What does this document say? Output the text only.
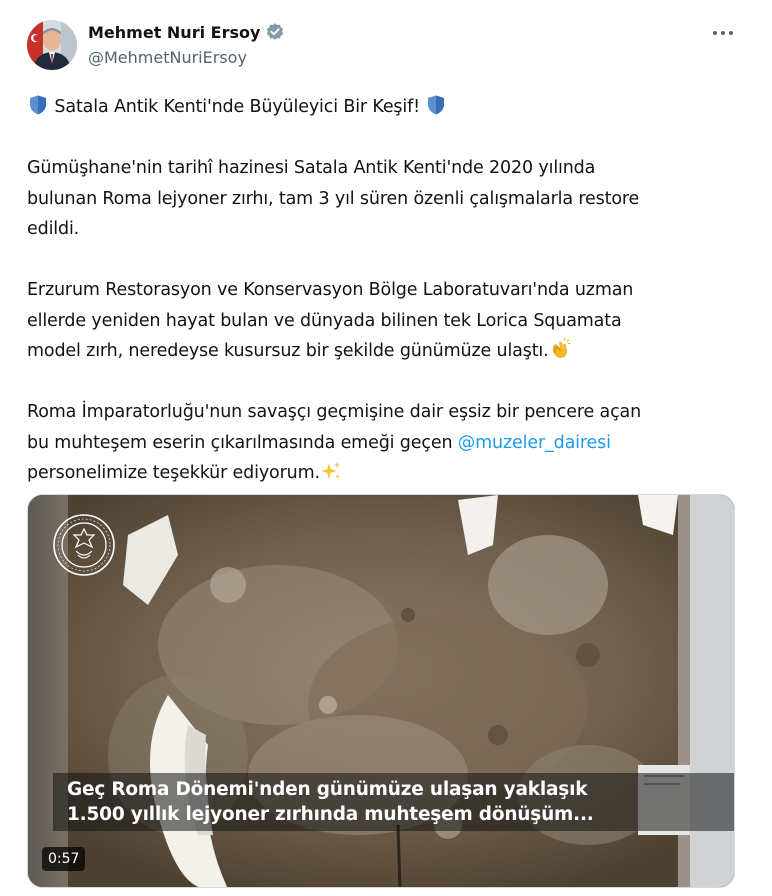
Mehmet Nuri Ersoy
@MehmetNuriErsoy

Satala Antik Kenti'nde Büyüleyici Bir Keşif!

Gümüşhane'nin tarihî hazinesi Satala Antik Kenti'nde 2020 yılında
bulunan Roma lejyoner zırhı, tam 3 yıl süren özenli çalışmalarla restore
edildi.

Erzurum Restorasyon ve Konservasyon Bölge Laboratuvarı'nda uzman
ellerde yeniden hayat bulan ve dünyada bilinen tek Lorica Squamata
model zırh, neredeyse kusursuz bir şekilde günümüze ulaştı.

Roma İmparatorluğu'nun savaşçı geçmişine dair eşsiz bir pencere açan
bu muhteşem eserin çıkarılmasında emeği geçen @muzeler_dairesi
personelimize teşekkür ediyorum.

Geç Roma Dönemi'nden günümüze ulaşan yaklaşık
1.500 yıllık lejyoner zırhında muhteşem dönüşüm...
0:57
